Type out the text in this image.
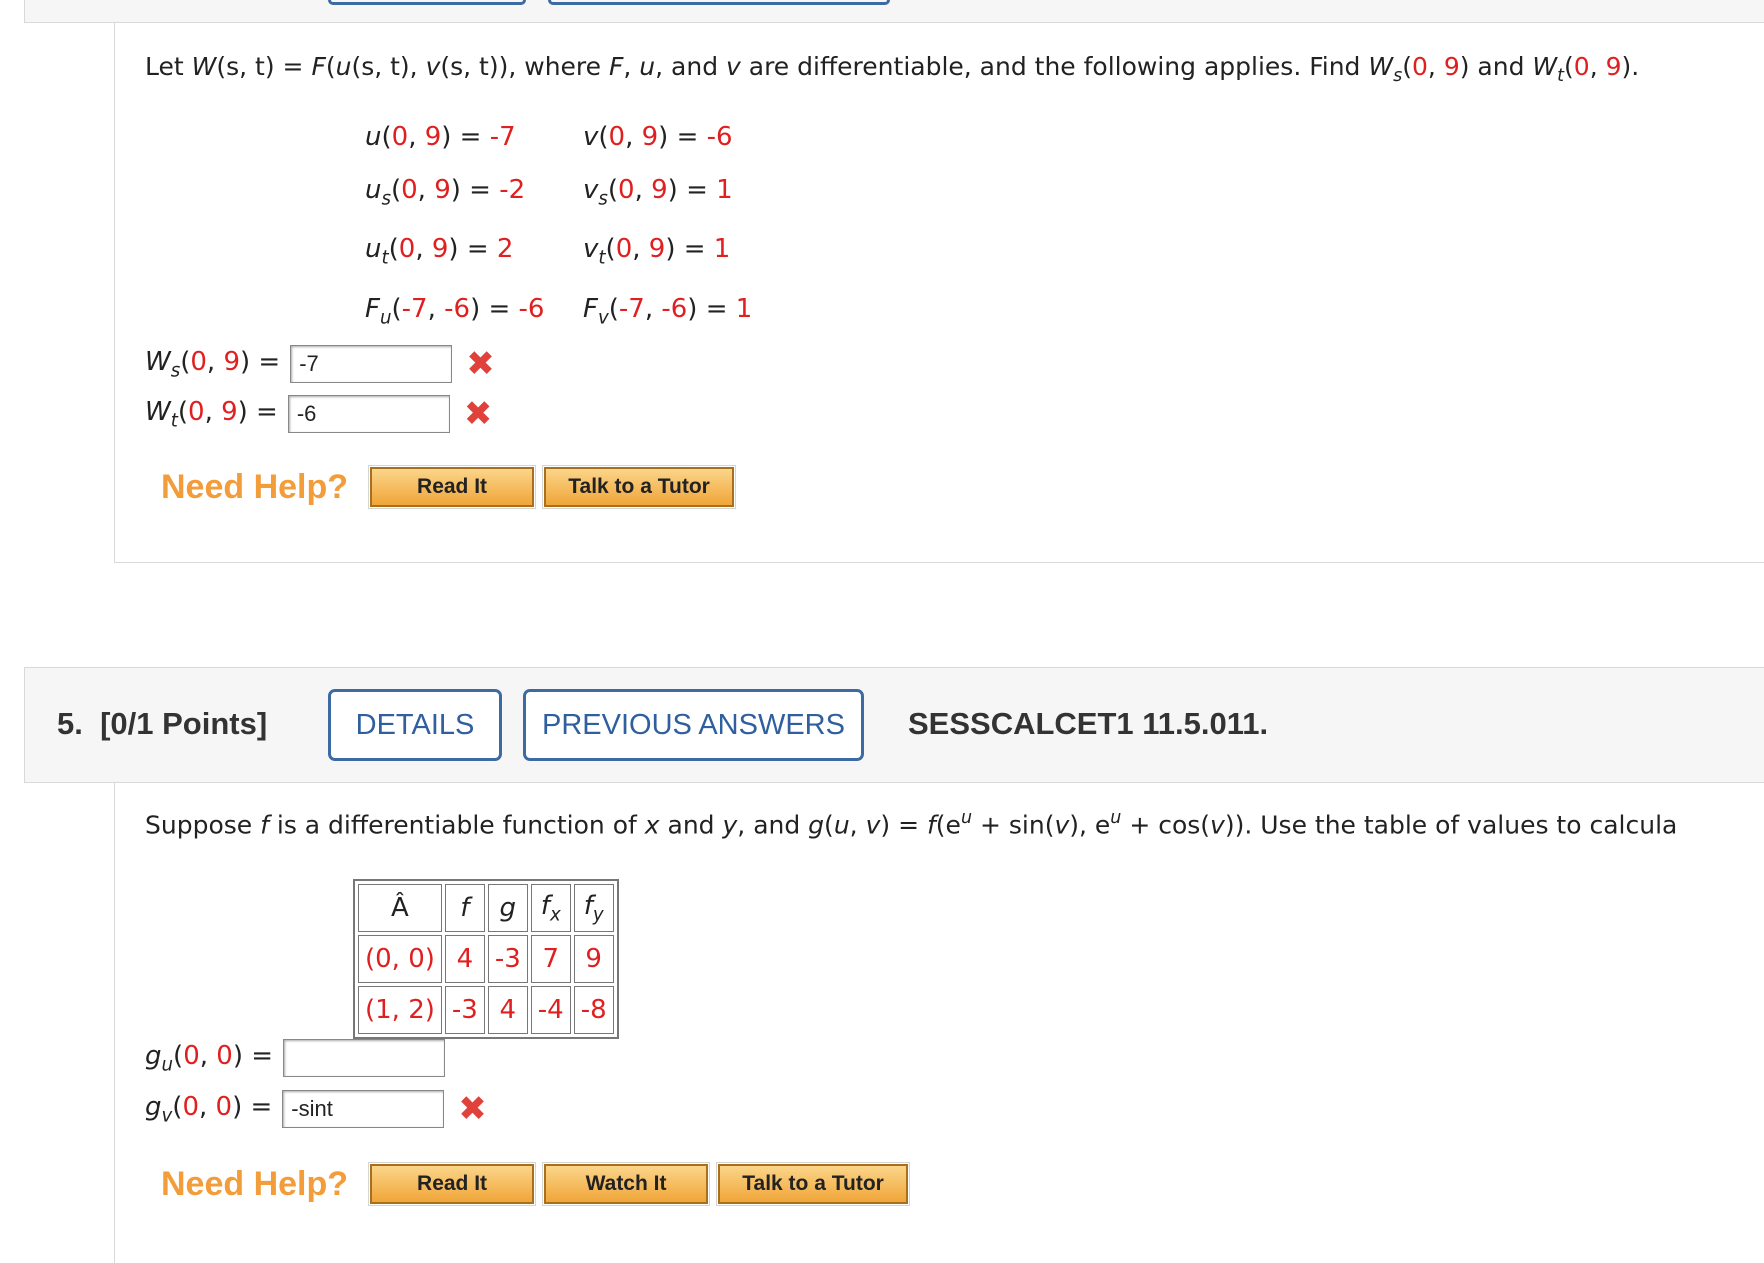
Let W(s, t) = F(u(s, t), v(s, t)), where F, u, and v are differentiable, and the following applies. Find $W_s(0$, 9) and $W_t(0$, 9).
u(0, 9) = -7	v(0, 9) = -6
$u_s(0$, 9) = -2 $v_s(0$, 9) = 1
$u_t(0$, 9) = 2	$v_t(0$, 9) = 1
$F_u(-7$, -6) = -6 $F_v(-7$, -6) = 1
$W_s(0$, 9) = -7	✖
$W_t(0$, 9) = -6	✖
Need Help?	Read It	Talk to a Tutor
5. [0/1 Points]	DETAILS	PREVIOUS ANSWERS	SESSCALCET1 11.5.011.
Suppose f is a differentiable function of x and y, and g(u, $v) = f(e^u + \sin(v)$, $e^u + \cos(v)$). Use the table of values to calcula
Â	f	g	$f_x$	$f_y$
(0, 0)	4	-3	7	9
(1, 2)	-3	4	-4	-8
$g_u(0$, 0) =
$g_v(0$, 0) = -sint	✖
Need Help?	Read It	Watch It	Talk to a Tutor
